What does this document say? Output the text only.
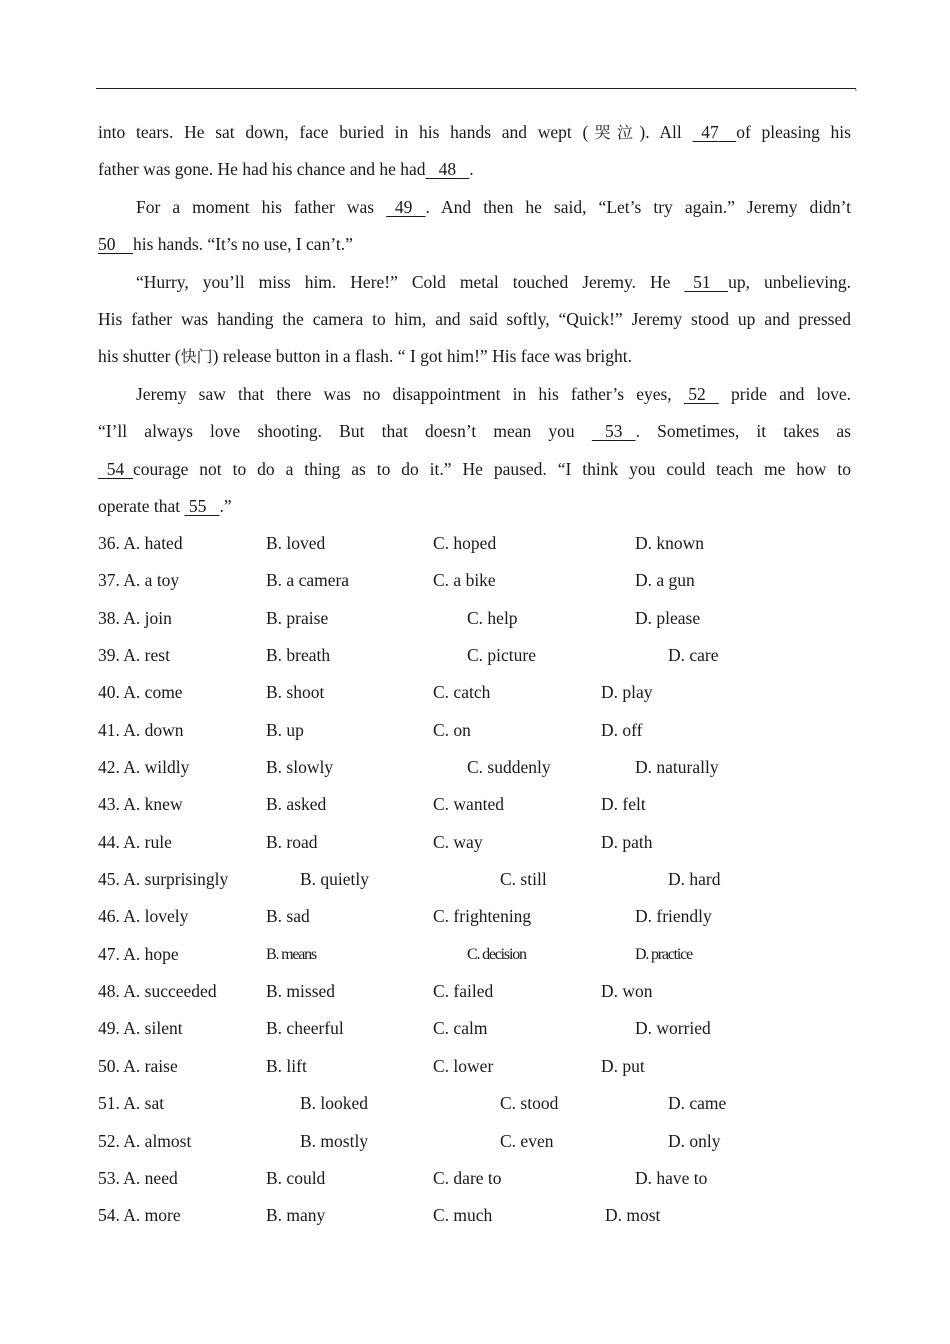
,
into tears. He sat down, face buried in his hands and wept (哭泣). All   47 of pleasing his
father was gone. He had his chance and he had 48 .
For a moment his father was   49 . And then he said, “Let’s try again.” Jeremy didn’t
50 his hands. “It’s no use, I can’t.”
“Hurry, you’ll miss him. Here!” Cold metal touched Jeremy. He   51 up, unbelieving.
His father was handing the camera to him, and said softly, “Quick!” Jeremy stood up and pressed
his shutter (快门) release button in a flash. “ I got him!” His face was bright.
Jeremy saw that there was no disappointment in his father’s eyes,  52    pride and love.
“I’ll always love shooting. But that doesn’t mean you    53 . Sometimes, it takes as
54 courage not to do a thing as to do it.” He paused. “I think you could teach me how to
operate that  55 .”
36. A. hated	B. loved	C. hoped	D. known
37. A. a toy	B. a camera	C. a bike	D. a gun
38. A. join	B. praise	C. help	D. please
39. A. rest	B. breath	C. picture	D. care
40. A. come	B. shoot	C. catch	D. play
41. A. down	B. up	C. on	D. off
42. A. wildly	B. slowly	C. suddenly	D. naturally
43. A. knew	B. asked	C. wanted	D. felt
44. A. rule	B. road	C. way	D. path
45. A. surprisingly	B. quietly	C. still	D. hard
46. A. lovely	B. sad	C. frightening	D. friendly
47. A. hope	B. means	C. decision	D. practice
48. A. succeeded	B. missed	C. failed	D. won
49. A. silent	B. cheerful	C. calm	D. worried
50. A. raise	B. lift	C. lower	D. put
51. A. sat	B. looked	C. stood	D. came
52. A. almost	B. mostly	C. even	D. only
53. A. need	B. could	C. dare to	D. have to
54. A. more	B. many	C. much	D. most
